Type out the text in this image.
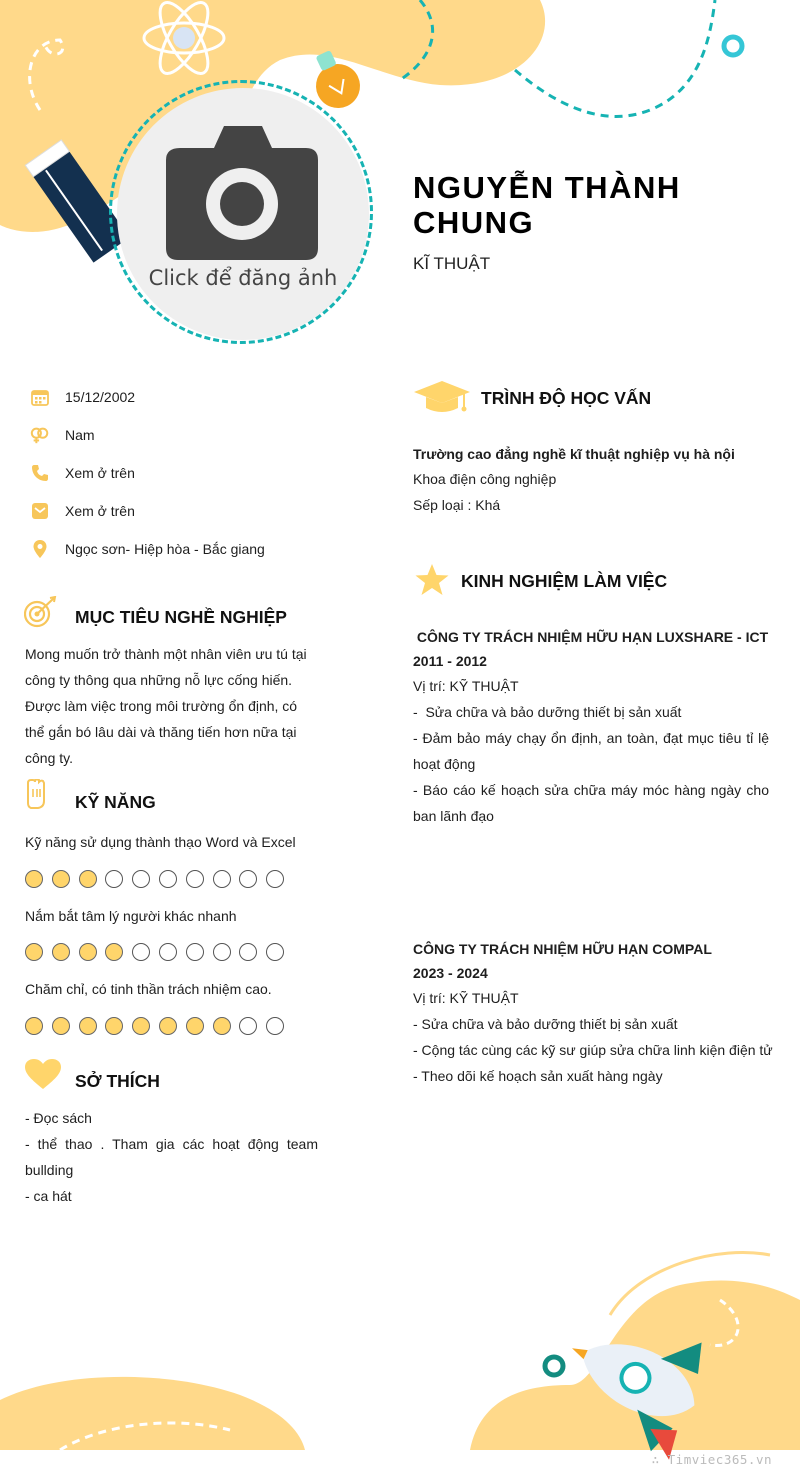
Click để đăng ảnh
NGUYỄN THÀNH CHUNG
KĨ THUẬT
15/12/2002
Nam
Xem ở trên
Xem ở trên
Ngọc sơn- Hiệp hòa - Bắc giang
MỤC TIÊU NGHỀ NGHIỆP
Mong muốn trở thành một nhân viên ưu tú tại công ty thông qua những nỗ lực cống hiến. Được làm việc trong môi trường ổn định, có thể gắn bó lâu dài và thăng tiến hơn nữa tại công ty.
KỸ NĂNG
Kỹ năng sử dụng thành thạo Word và Excel
Nắm bắt tâm lý người khác nhanh
Chăm chỉ, có tinh thần trách nhiệm cao.
SỞ THÍCH
- Đọc sách
- thể thao . Tham gia các hoạt động team bullding
- ca hát
TRÌNH ĐỘ HỌC VẤN
Trường cao đẳng nghề kĩ thuật nghiệp vụ hà nội
Khoa điện công nghiệp
Sếp loại : Khá
KINH NGHIỆM LÀM VIỆC
CÔNG TY TRÁCH NHIỆM HỮU HẠN LUXSHARE - ICT
2011 - 2012
Vị trí: KỸ THUẬT
-  Sửa chữa và bảo dưỡng thiết bị sản xuất
- Đảm bảo máy chạy ổn định, an toàn, đạt mục tiêu tỉ lệ hoạt động
- Báo cáo kế hoạch sửa chữa máy móc hàng ngày cho ban lãnh đạo
CÔNG TY TRÁCH NHIỆM HỮU HẠN COMPAL
2023 - 2024
Vị trí: KỸ THUẬT
- Sửa chữa và bảo dưỡng thiết bị sản xuất
- Cộng tác cùng các kỹ sư giúp sửa chữa linh kiện điện tử
- Theo dõi kế hoạch sản xuất hàng ngày
∴ Timviec365.vn
